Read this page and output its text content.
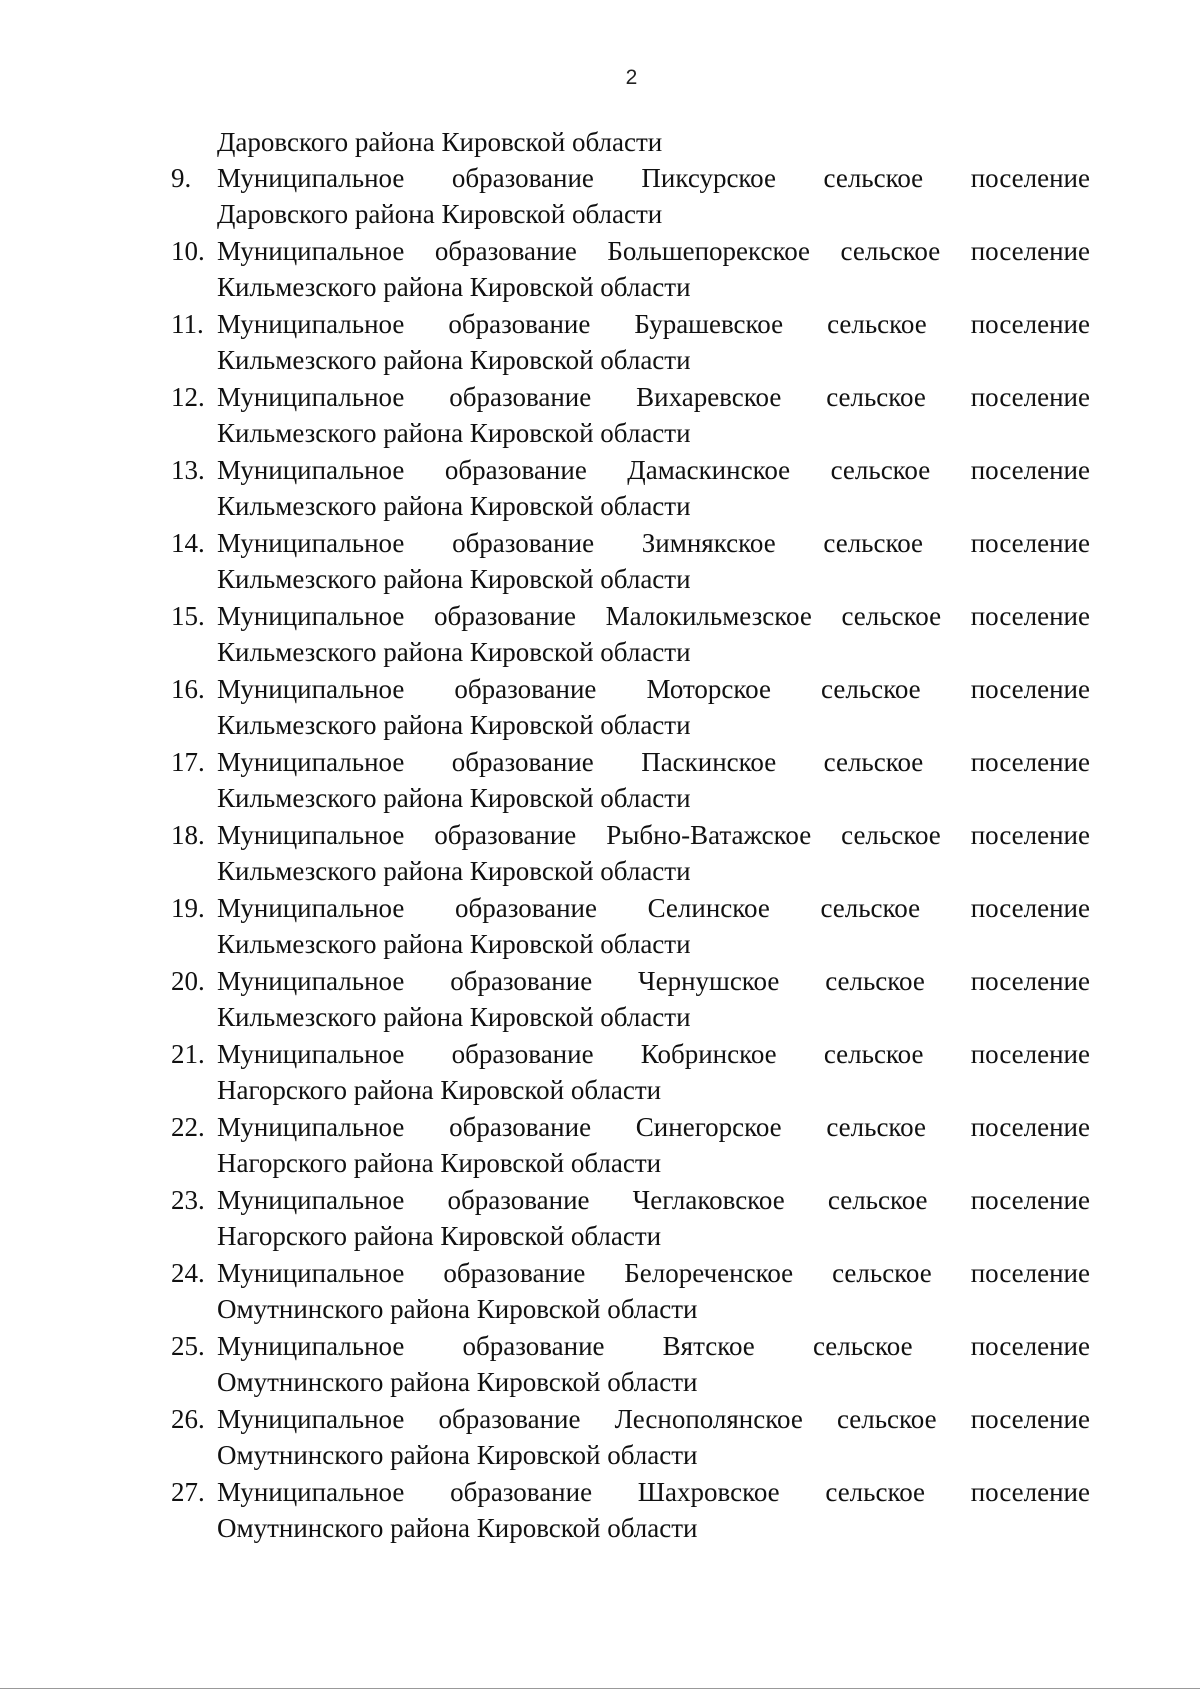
2
Даровского района Кировской области
9. Муниципальное образование Пиксурское сельское поселение
Даровского района Кировской области
10. Муниципальное образование Большепорекское сельское поселение
Кильмезского района Кировской области
11. Муниципальное образование Бурашевское сельское поселение
Кильмезского района Кировской области
12. Муниципальное образование Вихаревское сельское поселение
Кильмезского района Кировской области
13. Муниципальное образование Дамаскинское сельское поселение
Кильмезского района Кировской области
14. Муниципальное образование Зимнякское сельское поселение
Кильмезского района Кировской области
15. Муниципальное образование Малокильмезское сельское поселение
Кильмезского района Кировской области
16. Муниципальное образование Моторское сельское поселение
Кильмезского района Кировской области
17. Муниципальное образование Паскинское сельское поселение
Кильмезского района Кировской области
18. Муниципальное образование Рыбно-Ватажское сельское поселение
Кильмезского района Кировской области
19. Муниципальное образование Селинское сельское поселение
Кильмезского района Кировской области
20. Муниципальное образование Чернушское сельское поселение
Кильмезского района Кировской области
21. Муниципальное образование Кобринское сельское поселение
Нагорского района Кировской области
22. Муниципальное образование Синегорское сельское поселение
Нагорского района Кировской области
23. Муниципальное образование Чеглаковское сельское поселение
Нагорского района Кировской области
24. Муниципальное образование Белореченское сельское поселение
Омутнинского района Кировской области
25. Муниципальное образование Вятское сельское поселение
Омутнинского района Кировской области
26. Муниципальное образование Леснополянское сельское поселение
Омутнинского района Кировской области
27. Муниципальное образование Шахровское сельское поселение
Омутнинского района Кировской области
